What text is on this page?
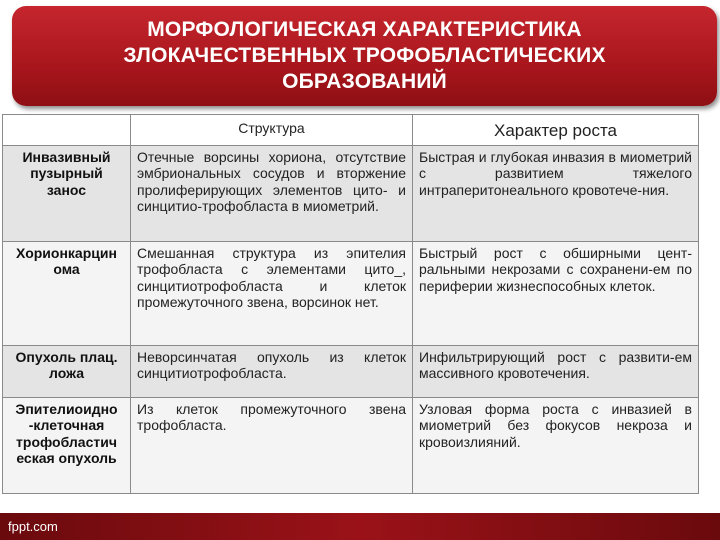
МОРФОЛОГИЧЕСКАЯ ХАРАКТЕРИСТИКА ЗЛОКАЧЕСТВЕННЫХ ТРОФОБЛАСТИЧЕСКИХ ОБРАЗОВАНИЙ
	Структура	Характер роста
Инвазивный пузырный занос	Отечные ворсины хориона, отсутствие эмбриональных сосудов и вторжение пролиферирующих элементов цито- и синцитио-трофобласта в миометрий.	Быстрая и глубокая инвазия в миометрий с развитием тяжелого интраперитонеального кровотече-ния.
Хорионкарцин ома	Смешанная структура из эпителия трофобласта с элементами цито_, синцитиотрофобласта и клеток промежуточного звена, ворсинок нет.	Быстрый рост с обширными цент-ральными некрозами с сохранени-ем по периферии жизнеспособных клеток.
Опухоль плац. ложа	Неворсинчатая опухоль из клеток синцитиотрофобласта.	Инфильтрирующий рост с развити-ем массивного кровотечения.
Эпителиоидно -клеточная трофобластич еская опухоль	Из клеток промежуточного звена трофобласта.	Узловая форма роста с инвазией в миометрий без фокусов некроза и кровоизлияний.
fppt.com
